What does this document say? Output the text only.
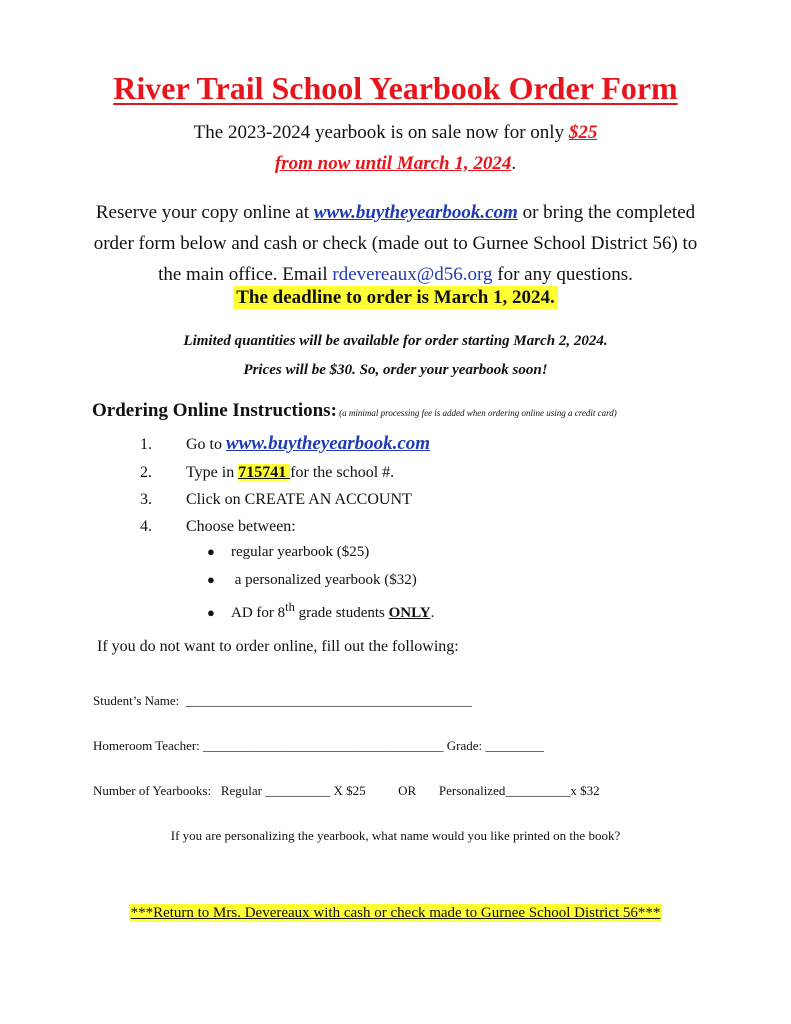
River Trail School Yearbook Order Form
The 2023-2024 yearbook is on sale now for only $25
from now until March 1, 2024.
Reserve your copy online at www.buytheyearbook.com or bring the completed order form below and cash or check (made out to Gurnee School District 56) to the main office. Email rdevereaux@d56.org for any questions.
The deadline to order is March 1, 2024.
Limited quantities will be available for order starting March 2, 2024.
Prices will be $30. So, order your yearbook soon!
Ordering Online Instructions: (a minimal processing fee is added when ordering online using a credit card)
1. Go to www.buytheyearbook.com
2. Type in 715741 for the school #.
3. Click on CREATE AN ACCOUNT
4. Choose between:
● regular yearbook ($25)
● a personalized yearbook ($32)
● AD for 8th grade students ONLY.
If you do not want to order online, fill out the following:
Student’s Name:  ____________________________________________
Homeroom Teacher: _____________________________________ Grade: _________
Number of Yearbooks:   Regular __________ X $25          OR       Personalized__________x $32
If you are personalizing the yearbook, what name would you like printed on the book?
***Return to Mrs. Devereaux with cash or check made to Gurnee School District 56***
